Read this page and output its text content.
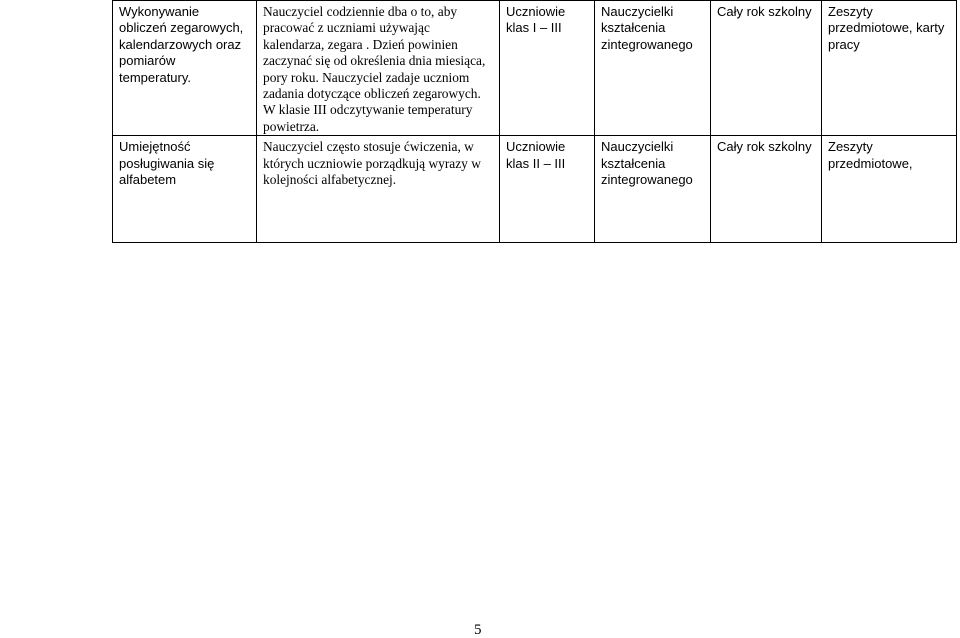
Wykonywanie obliczeń zegarowych, kalendarzowych oraz pomiarów temperatury.	Nauczyciel codziennie dba o to, aby pracować z uczniami używając kalendarza, zegara . Dzień powinien zaczynać się od określenia dnia miesiąca, pory roku. Nauczyciel zadaje uczniom zadania dotyczące obliczeń zegarowych. W klasie III odczytywanie temperatury powietrza.	Uczniowie klas I – III	Nauczycielki kształcenia zintegrowanego	Cały rok szkolny	Zeszyty przedmiotowe, karty pracy
Umiejętność posługiwania się alfabetem	Nauczyciel często stosuje ćwiczenia, w których uczniowie porządkują wyrazy w kolejności alfabetycznej.	Uczniowie klas II – III	Nauczycielki kształcenia zintegrowanego	Cały rok szkolny	Zeszyty przedmiotowe,
5
